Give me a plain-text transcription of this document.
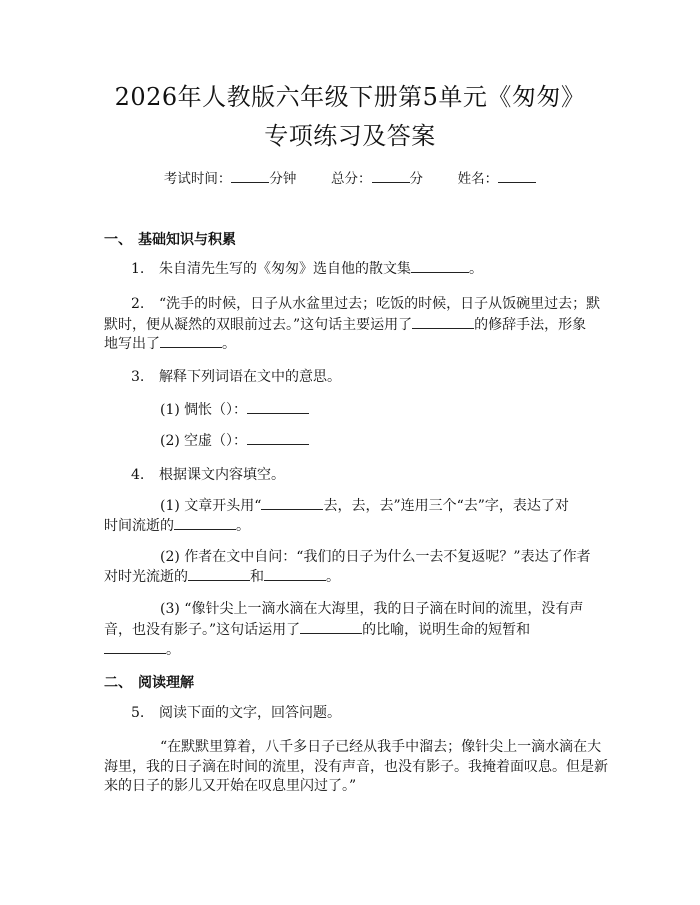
2026年人教版六年级下册第5单元《匆匆》
专项练习及答案
考试时间：	分钟	总分：	分	姓名：
一、 基础知识与积累
1. 朱自清先生写的《匆匆》选自他的散文集	。
2. “洗手的时候，日子从水盆里过去；吃饭的时候，日子从饭碗里过去；默
默时，便从凝然的双眼前过去。”这句话主要运用了	的修辞手法，形象
地写出了	。
3. 解释下列词语在文中的意思。
(1) 惆怅（）：
(2) 空虚（）：
4. 根据课文内容填空。
(1) 文章开头用“	去，去，去”连用三个“去”字，表达了对
时间流逝的	。
(2) 作者在文中自问：“我们的日子为什么一去不复返呢？”表达了作者
对时光流逝的	和	。
(3) “像针尖上一滴水滴在大海里，我的日子滴在时间的流里，没有声
音，也没有影子。”这句话运用了	的比喻，说明生命的短暂和
。
二、 阅读理解
5. 阅读下面的文字，回答问题。
“在默默里算着，八千多日子已经从我手中溜去；像针尖上一滴水滴在大
海里，我的日子滴在时间的流里，没有声音，也没有影子。我掩着面叹息。但是新
来的日子的影儿又开始在叹息里闪过了。”
